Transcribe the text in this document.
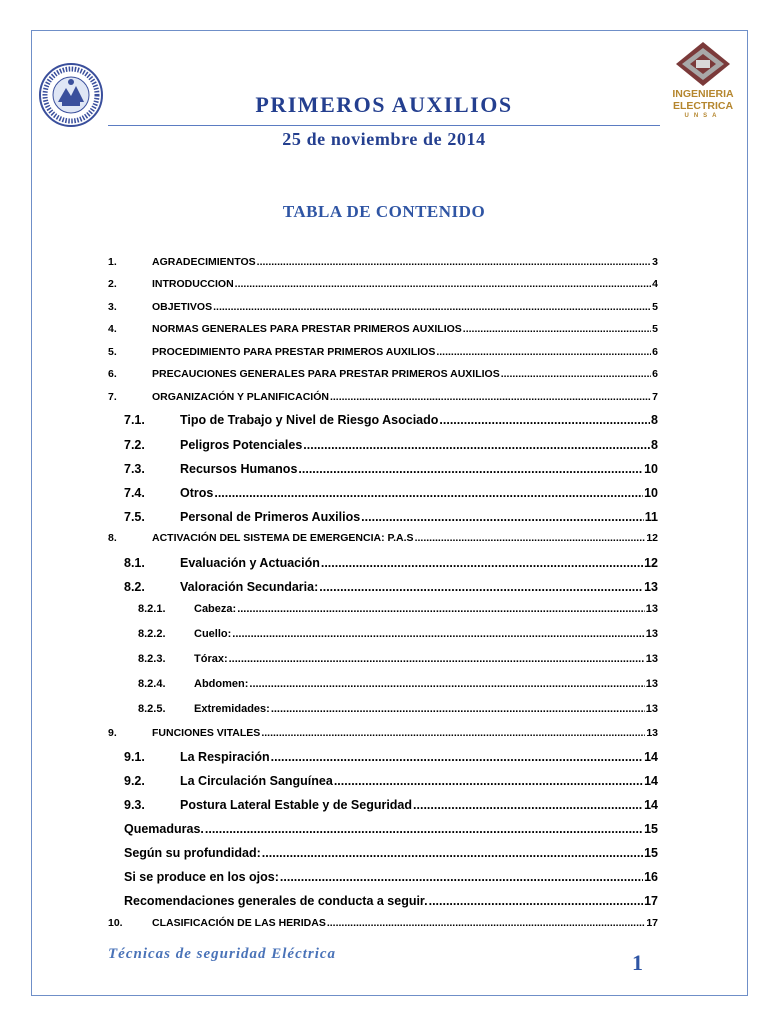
INGENIERIA
ELECTRICA
UNSA
PRIMEROS AUXILIOS
25 de noviembre de 2014
TABLA DE CONTENIDO
1.	AGRADECIMIENTOS .....	3
2.	INTRODUCCION .....	4
3.	OBJETIVOS .....	5
4.	NORMAS GENERALES PARA PRESTAR PRIMEROS AUXILIOS .....	5
5.	PROCEDIMIENTO PARA PRESTAR PRIMEROS AUXILIOS .....	6
6.	PRECAUCIONES GENERALES PARA PRESTAR PRIMEROS AUXILIOS .....	6
7.	ORGANIZACIÓN Y PLANIFICACIÓN .....	7
7.1.	Tipo de Trabajo y Nivel de Riesgo Asociado .....	8
7.2.	Peligros Potenciales .....	8
7.3.	Recursos Humanos .....	10
7.4.	Otros .....	10
7.5.	Personal de Primeros Auxilios .....	11
8.	ACTIVACIÓN DEL SISTEMA DE EMERGENCIA: P.A.S .....	12
8.1.	Evaluación y Actuación .....	12
8.2.	Valoración Secundaria: .....	13
8.2.1.	Cabeza: .....	13
8.2.2.	Cuello: .....	13
8.2.3.	Tórax: .....	13
8.2.4.	Abdomen: .....	13
8.2.5.	Extremidades: .....	13
9.	FUNCIONES VITALES .....	13
9.1.	La Respiración .....	14
9.2.	La Circulación Sanguínea .....	14
9.3.	Postura Lateral Estable y de Seguridad .....	14
Quemaduras. .....	15
Según su profundidad: .....	15
Si se produce en los ojos: .....	16
Recomendaciones generales de conducta a seguir. .....	17
10.	CLASIFICACIÓN DE LAS HERIDAS .....	17
Técnicas de seguridad Eléctrica	1
